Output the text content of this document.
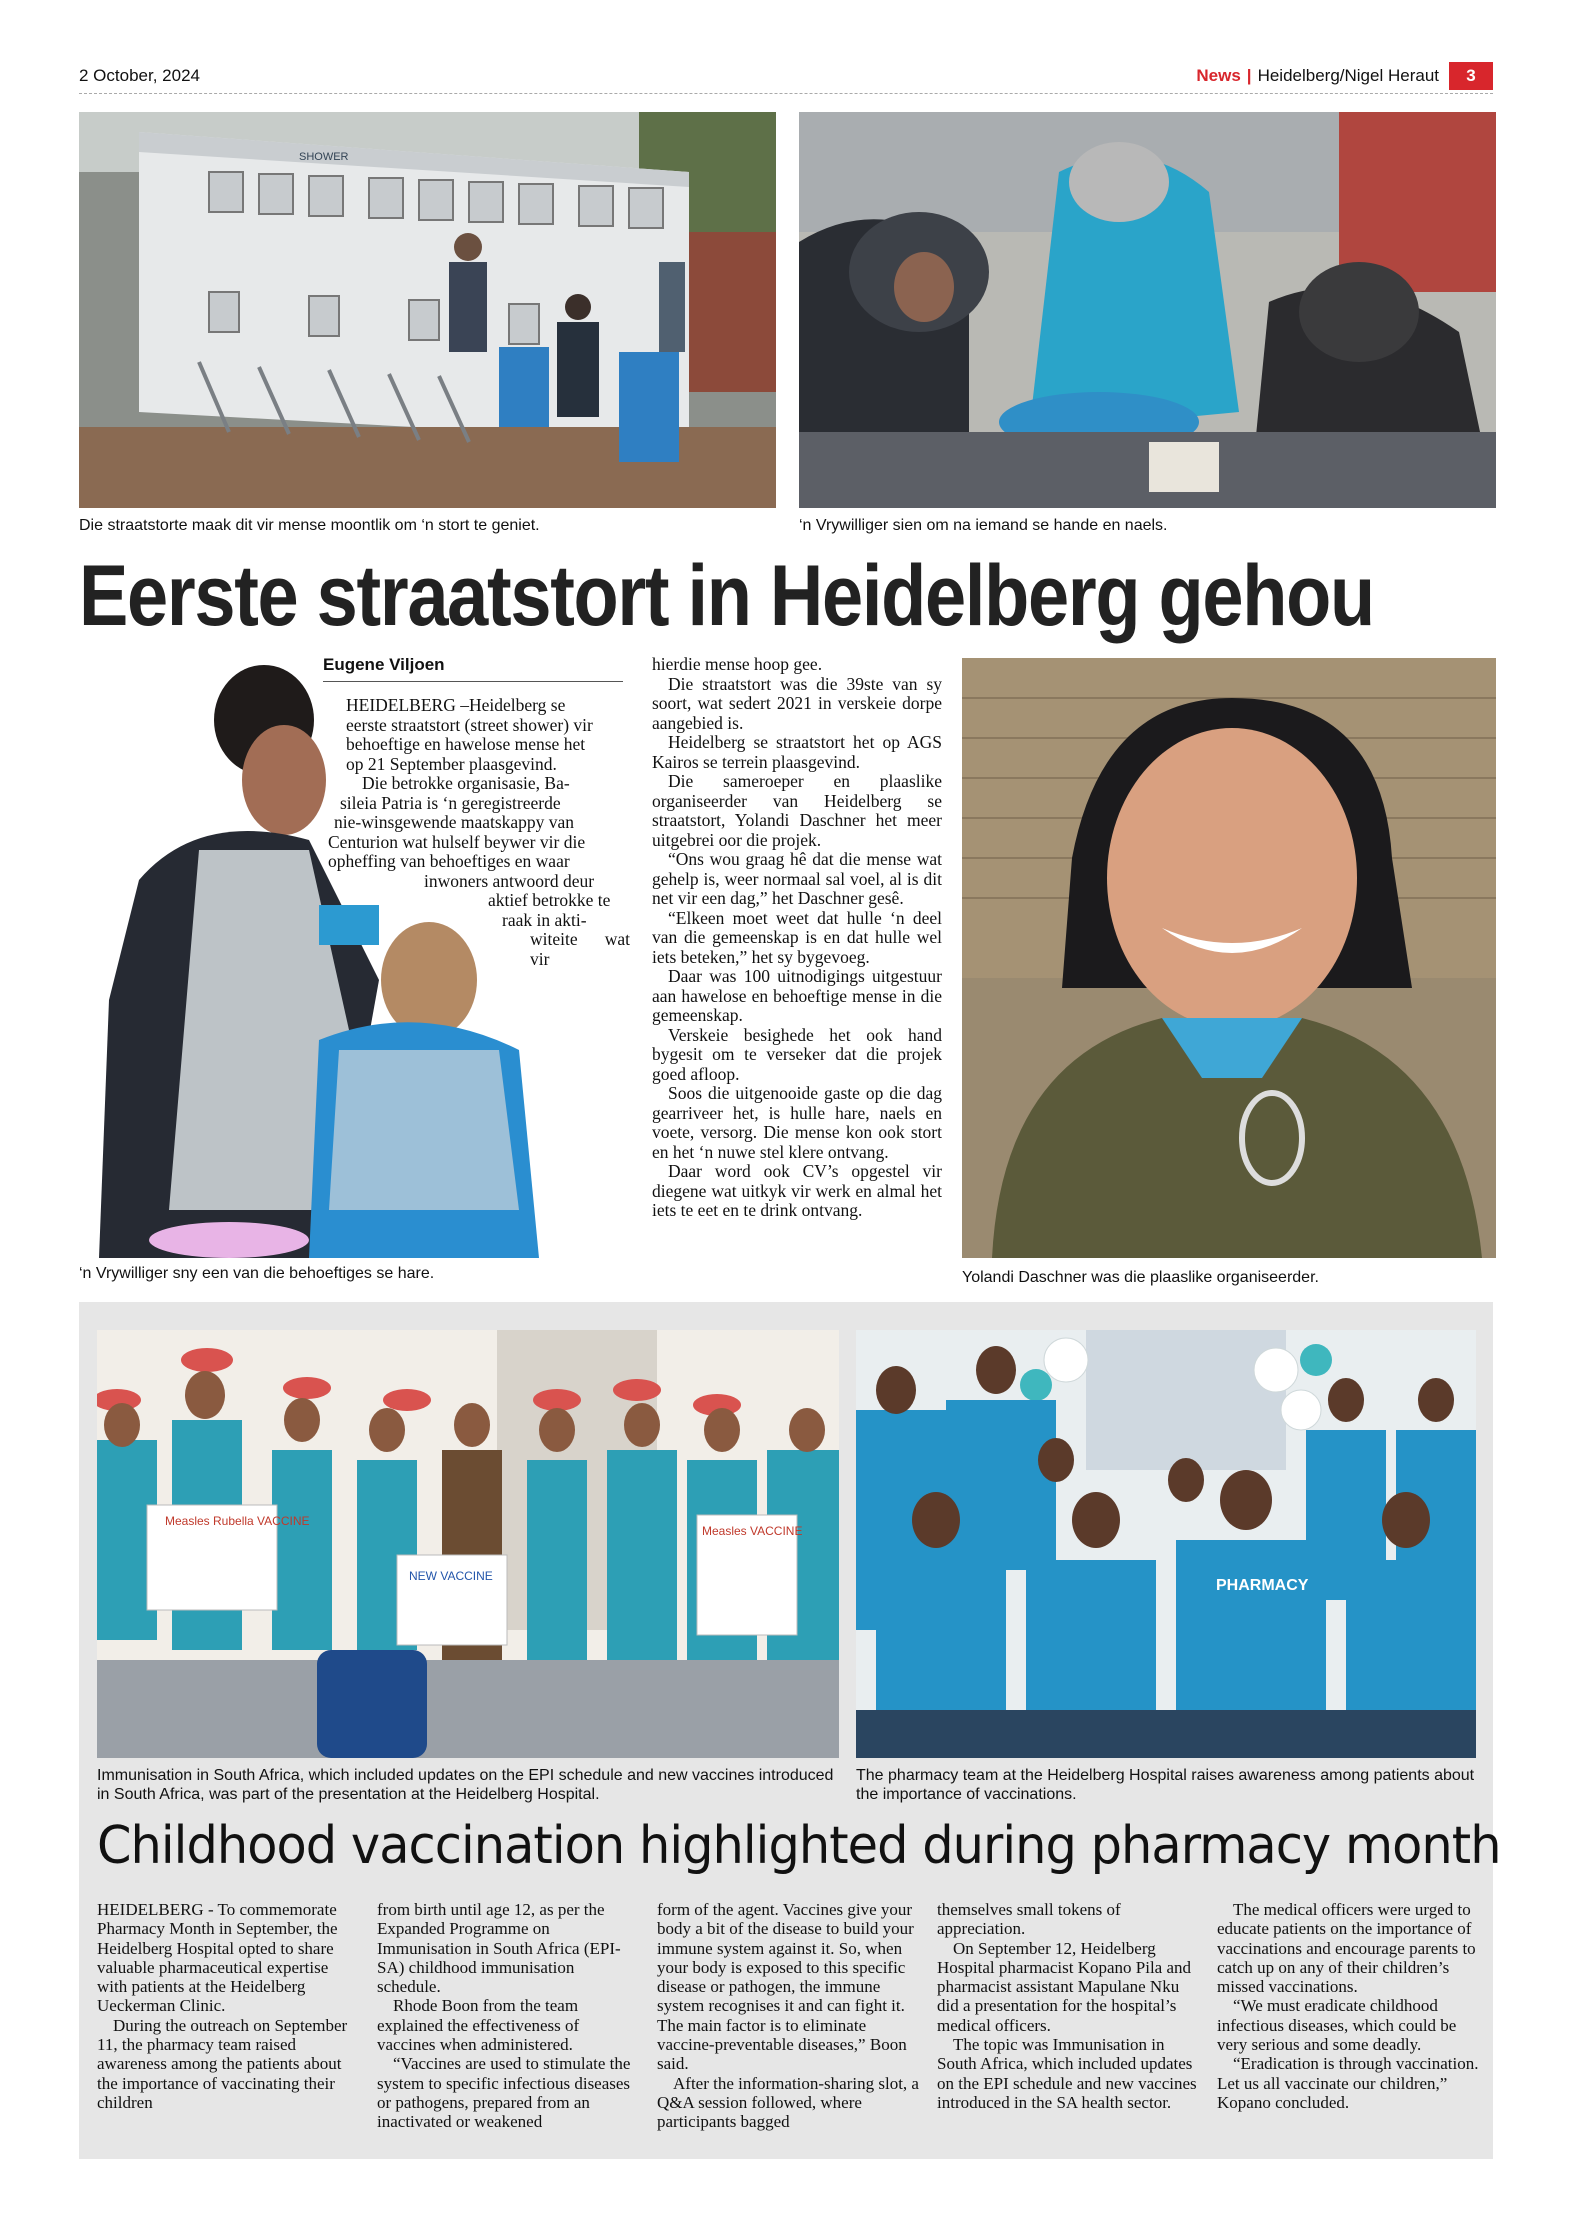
2 October, 2024	News | Heidelberg/Nigel Heraut	3
SHOWER
Die straatstorte maak dit vir mense moontlik om ‘n stort te geniet.	‘n Vrywilliger sien om na iemand se hande en naels.
Eerste straatstort in Heidelberg gehou
Eugene Viljoen
HEIDELBERG –Heidelberg se
eerste straatstort (street shower) vir
behoeftige en hawelose mense het
op 21 September plaasgevind.
Die betrokke organisasie, Ba-
sileia Patria is ‘n geregistreerde
nie-winsgewende maatskappy van
Centurion wat hulself beywer vir die
opheffing van behoeftiges en waar
inwoners antwoord deur
aktief betrokke te
raak in akti-
witeite wat vir

hierdie mense hoop gee.

Die straatstort was die 39ste van sy soort, wat sedert 2021 in verskeie dorpe aangebied is.

Heidelberg se straatstort het op AGS Kairos se terrein plaasgevind.

Die sameroeper en plaaslike organiseerder van Heidelberg se straatstort, Yolandi Daschner het meer uitgebrei oor die projek.

“Ons wou graag hê dat die mense wat gehelp is, weer normaal sal voel, al is dit net vir een dag,” het Daschner gesê.

“Elkeen moet weet dat hulle ‘n deel van die gemeenskap is en dat hulle wel iets beteken,” het sy bygevoeg.

Daar was 100 uitnodigings uitgestuur aan hawelose en behoeftige mense in die gemeenskap.

Verskeie besighede het ook hand bygesit om te verseker dat die projek goed afloop.

Soos die uitgenooide gaste op die dag gearriveer het, is hulle hare, naels en voete, versorg. Die mense kon ook stort en het ‘n nuwe stel klere ontvang.

Daar word ook CV’s opgestel vir diegene wat uitkyk vir werk en almal het iets te eet en te drink ontvang.

‘n Vrywilliger sny een van die behoeftiges se hare.	Yolandi Daschner was die plaaslike organiseerder.
Measles Rubella VACCINE
NEW VACCINE
Measles VACCINE
PHARMACY
Immunisation in South Africa, which included updates on the EPI schedule and new vaccines introduced in South Africa, was part of the presentation at the Heidelberg Hospital.
The pharmacy team at the Heidelberg Hospital raises awareness among patients about the importance of vaccinations.
Childhood vaccination highlighted during pharmacy month

HEIDELBERG - To commemorate Pharmacy Month in September, the Heidelberg Hospital opted to share valuable pharmaceutical expertise with patients at the Heidelberg Ueckerman Clinic.

During the outreach on September 11, the pharmacy team raised awareness among the patients about the importance of vaccinating their children

from birth until age 12, as per the Expanded Programme on Immunisation in South Africa (EPI-SA) childhood immunisation schedule.

Rhode Boon from the team explained the effectiveness of vaccines when administered.

“Vaccines are used to stimulate the system to specific infectious diseases or pathogens, prepared from an inactivated or weakened

form of the agent. Vaccines give your body a bit of the disease to build your immune system against it. So, when your body is exposed to this specific disease or pathogen, the immune system recognises it and can fight it. The main factor is to eliminate vaccine-preventable diseases,” Boon said.

After the information-sharing slot, a Q&A session followed, where participants bagged

themselves small tokens of appreciation.

On September 12, Heidelberg Hospital pharmacist Kopano Pila and pharmacist assistant Mapulane Nku did a presentation for the hospital’s medical officers.

The topic was Immunisation in South Africa, which included updates on the EPI schedule and new vaccines introduced in the SA health sector.

The medical officers were urged to educate patients on the importance of vaccinations and encourage parents to catch up on any of their children’s missed vaccinations.

“We must eradicate childhood infectious diseases, which could be very serious and some deadly.

“Eradication is through vaccination. Let us all vaccinate our children,” Kopano concluded.
